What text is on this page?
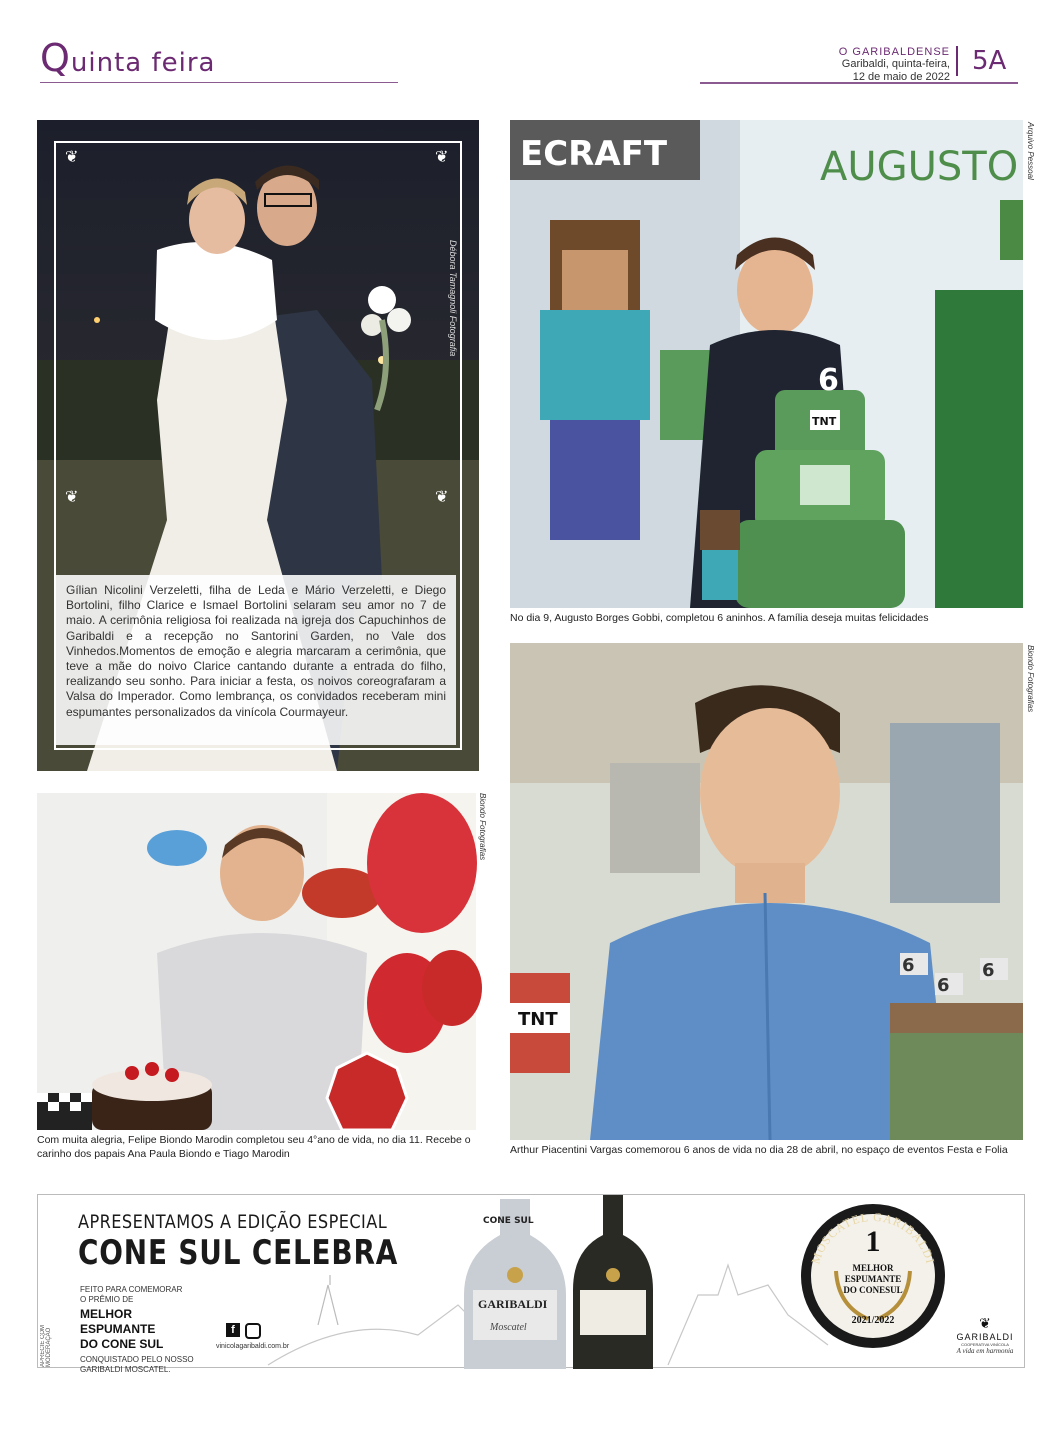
Quinta feira	O GARIBALDENSE
Garibaldi, quinta-feira,
12 de maio de 2022
5A
❦	❦
❦	❦
Débora Tamagnoli Fotografia
Gílian Nicolini Verzeletti, filha de Leda e Mário Verzeletti, e Diego Bortolini, filho Clarice e Ismael Bortolini selaram seu amor no 7 de maio. A cerimônia religiosa foi realizada na igreja dos Capuchinhos de Garibaldi e a recepção no Santorini Garden, no Vale dos Vinhedos.Momentos de emoção e alegria marcaram a cerimônia, que teve a mãe do noivo Clarice cantando durante a entrada do filho, realizando seu sonho. Para iniciar a festa, os noivos coreografaram a Valsa do Imperador. Como lembrança, os convidados receberam mini espumantes personalizados da vinícola Courmayeur.
ECRAFT	AUGUSTO
TNT
6
Arquivo Pessoal
No dia 9, Augusto Borges Gobbi, completou 6 aninhos. A família deseja muitas felicidades
TNT
6
6
6
Biondo Fotografias
Arthur Piacentini Vargas comemorou 6 anos de vida no dia 28 de abril, no espaço de eventos Festa e Folia
Biondo Fotografias
Com muita alegria, Felipe Biondo Marodin completou seu 4°ano de vida, no dia 11. Recebe o carinho dos papais Ana Paula Biondo e Tiago Marodin
APRECIE COM MODERAÇÃO
APRESENTAMOS A EDIÇÃO ESPECIAL
CONE SUL CELEBRA
FEITO PARA COMEMORAR
O PRÊMIO DE
MELHOR
ESPUMANTE
DO CONE SUL
CONQUISTADO PELO NOSSO
GARIBALDI MOSCATEL.
f
vinicolagaribaldi.com.br
CONE SUL
GARIBALDI
Moscatel
MOSCATEL GARIBALDI
1
MELHOR
ESPUMANTE
DO CONESUL
2021/2022	❦
GARIBALDI
COOPERATIVA VINÍCOLA
A vida em harmonia
